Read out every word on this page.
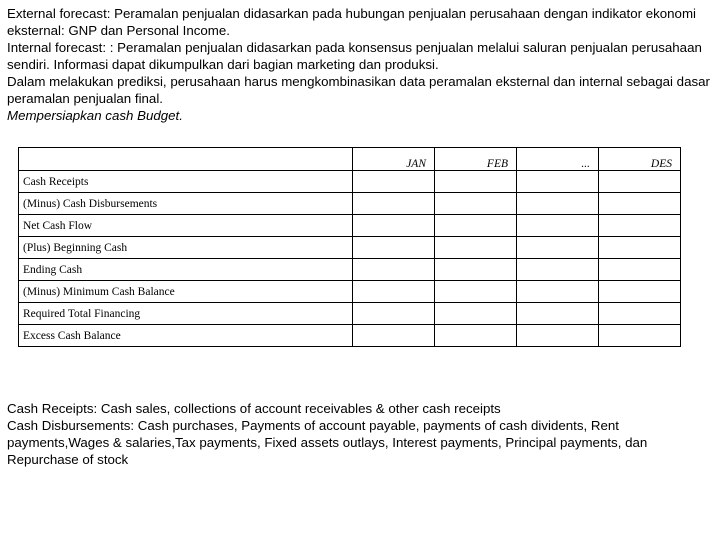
External forecast: Peramalan penjualan didasarkan pada hubungan penjualan perusahaan dengan indikator ekonomi eksternal: GNP dan Personal Income.

Internal forecast: : Peramalan penjualan didasarkan pada konsensus penjualan melalui saluran penjualan perusahaan sendiri. Informasi dapat dikumpulkan dari bagian marketing dan produksi.

Dalam melakukan prediksi, perusahaan harus mengkombinasikan data peramalan eksternal dan internal sebagai dasar peramalan penjualan final.

Mempersiapkan cash Budget.

	JAN	FEB	...	DES
Cash Receipts				
(Minus) Cash Disbursements				
Net Cash Flow				
(Plus) Beginning Cash				
Ending Cash				
(Minus) Minimum Cash Balance				
Required Total Financing				
Excess Cash Balance				

Cash Receipts: Cash sales, collections of account receivables & other cash receipts

Cash Disbursements: Cash purchases, Payments of account payable, payments of cash dividents, Rent payments,Wages & salaries,Tax payments, Fixed assets outlays, Interest payments, Principal payments, dan Repurchase of stock
